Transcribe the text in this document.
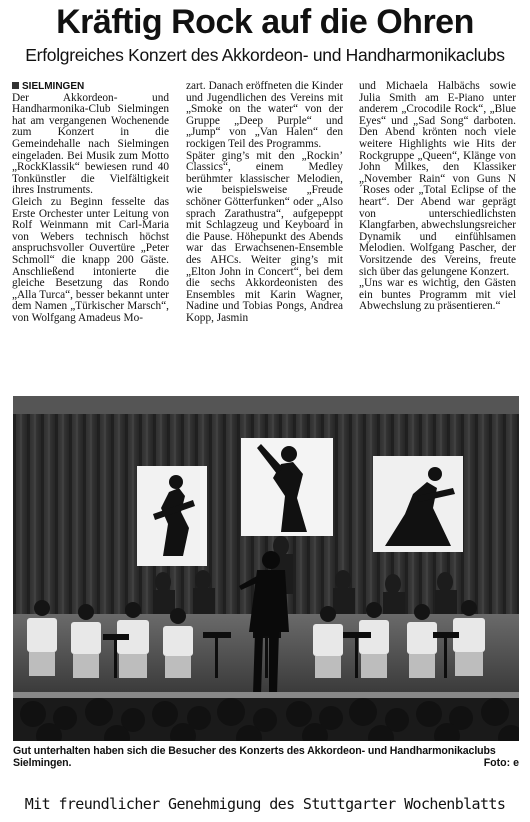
Kräftig Rock auf die Ohren
Erfolgreiches Konzert des Akkordeon- und Handharmonikaclubs

SIELMINGEN
Der Akkordeon- und Handharmonika-Club Sielmingen hat am vergangenen Wochenende zum Konzert in die Gemeindehalle nach Sielmingen eingeladen. Bei Musik zum Motto „RockKlassik“ bewiesen rund 40 Tonkünstler die Vielfältigkeit ihres Instruments.

Gleich zu Beginn fesselte das Erste Orchester unter Leitung von Rolf Weinmann mit Carl-Maria von Webers technisch höchst anspruchsvoller Ouvertüre „Peter Schmoll“ die knapp 200 Gäste. Anschließend intonierte die gleiche Besetzung das Rondo „Alla Turca“, besser bekannt unter dem Namen „Türkischer Marsch“, von Wolfgang Amadeus Mo-

zart. Danach eröffneten die Kinder und Jugendlichen des Vereins mit „Smoke on the water“ von der Gruppe „Deep Purple“ und „Jump“ von „Van Halen“ den rockigen Teil des Programms.

Später ging’s mit den „Rockin’ Classics“, einem Medley berühmter klassischer Melodien, wie beispielsweise „Freude schöner Götterfunken“ oder „Also sprach Zarathustra“, aufgepeppt mit Schlagzeug und Keyboard in die Pause. Höhepunkt des Abends war das Erwachsenen-Ensemble des AHCs. Weiter ging’s mit „Elton John in Concert“, bei dem die sechs Akkordeonisten des Ensembles mit Karin Wagner, Nadine und Tobias Pongs, Andrea Kopp, Jasmin

und Michaela Halbächs sowie Julia Smith am E-Piano unter anderem „Crocodile Rock“, „Blue Eyes“ und „Sad Song“ darboten. Den Abend krönten noch viele weitere Highlights wie Hits der Rockgruppe „Queen“, Klänge von John Milkes, den Klassiker „November Rain“ von Guns N´Roses oder „Total Eclipse of the heart“. Der Abend war geprägt von unterschiedlichsten Klangfarben, abwechslungsreicher Dynamik und einfühlsamen Melodien. Wolfgang Pascher, der Vorsitzende des Vereins, freute sich über das gelungene Konzert.

„Uns war es wichtig, den Gästen ein buntes Programm mit viel Abwechslung zu präsentieren.“

Gut unterhalten haben sich die Besucher des Konzerts des Akkordeon- und Handharmonikaclubs Sielmingen.	Foto: e
Mit freundlicher Genehmigung des Stuttgarter Wochenblatts
